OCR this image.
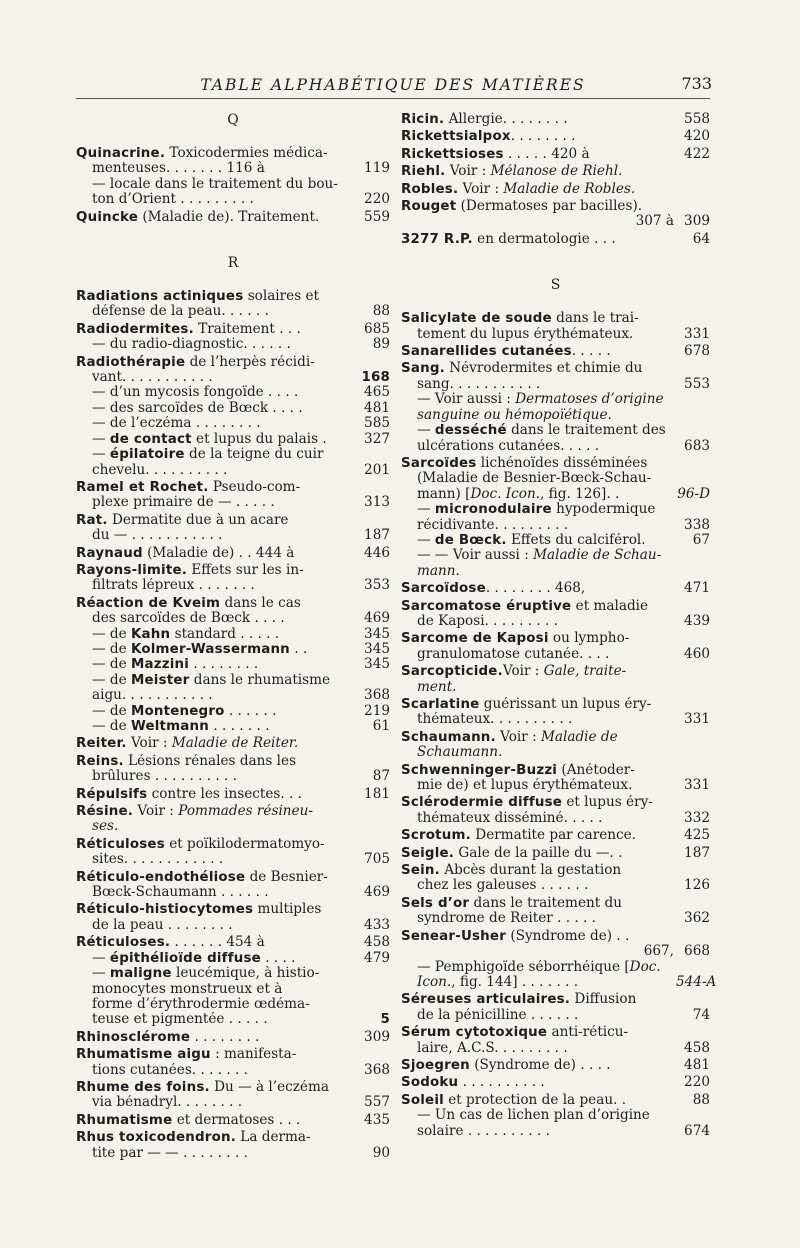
TABLE ALPHABÉTIQUE DES MATIÈRES	733
Q
Quinacrine. Toxicodermies médica-
menteuses. . . . . . . 116 à	119
— locale dans le traitement du bou-
ton d’Orient . . . . . . . . .	220
Quincke (Maladie de). Traitement.	559
R
Radiations actiniques solaires et
défense de la peau. . . . . .	88
Radiodermites. Traitement . . .	685
— du radio-diagnostic. . . . . .	89
Radiothérapie de l’herpès récidi-
vant. . . . . . . . . . .	168
— d’un mycosis fongoïde . . . .	465
— des sarcoïdes de Bœck . . . .	481
— de l’eczéma . . . . . . . .	585
— de contact et lupus du palais .	327
— épilatoire de la teigne du cuir
chevelu. . . . . . . . . .	201
Ramel et Rochet. Pseudo-com-
plexe primaire de — . . . . .	313
Rat. Dermatite due à un acare
du — . . . . . . . . . . .	187
Raynaud (Maladie de) . . 444 à	446
Rayons-limite. Effets sur les in-
filtrats lépreux . . . . . . .	353
Réaction de Kveim dans le cas
des sarcoïdes de Bœck . . . .	469
— de Kahn standard . . . . .	345
— de Kolmer-Wassermann . .	345
— de Mazzini . . . . . . . .	345
— de Meister dans le rhumatisme
aigu. . . . . . . . . . .	368
— de Montenegro . . . . . .	219
— de Weltmann . . . . . . .	61
Reiter. Voir : Maladie de Reiter.
Reins. Lésions rénales dans les
brûlures . . . . . . . . . .	87
Répulsifs contre les insectes. . .	181
Résine. Voir : Pommades résineu-
ses.
Réticuloses et poïkilodermatomyo-
sites. . . . . . . . . . . .	705
Réticulo-endothéliose de Besnier-
Bœck-Schaumann . . . . . .	469
Réticulo-histiocytomes multiples
de la peau . . . . . . . .	433
Réticuloses. . . . . . . 454 à	458
— épithélioïde diffuse . . . .	479
— maligne leucémique, à histio-
monocytes monstrueux et à
forme d’érythrodermie œdéma-
teuse et pigmentée . . . . .	5
Rhinosclérome . . . . . . . .	309
Rhumatisme aigu : manifesta-
tions cutanées. . . . . . .	368
Rhume des foins. Du — à l’eczéma
via bénadryl. . . . . . . .	557
Rhumatisme et dermatoses . . .	435
Rhus toxicodendron. La derma-
tite par — — . . . . . . . .	90
Ricin. Allergie. . . . . . . .	558
Rickettsialpox. . . . . . . .	420
Rickettsioses . . . . . 420 à	422
Riehl. Voir : Mélanose de Riehl.
Robles. Voir : Maladie de Robles.
Rouget (Dermatoses par bacilles).
307 à 309
3277 R.P. en dermatologie . . .	64
S
Salicylate de soude dans le trai-
tement du lupus érythémateux.	331
Sanarellides cutanées. . . . .	678
Sang. Névrodermites et chimie du
sang. . . . . . . . . . .	553
— Voir aussi : Dermatoses d’origine
sanguine ou hémopoïétique.
— desséché dans le traitement des
ulcérations cutanées. . . . .	683
Sarcoïdes lichénoïdes disséminées
(Maladie de Besnier-Bœck-Schau-
mann) [Doc. Icon., fig. 126]. .	96-D
— micronodulaire hypodermique
récidivante. . . . . . . . .	338
— de Bœck. Effets du calciférol.	67
— — Voir aussi : Maladie de Schau-
mann.
Sarcoïdose. . . . . . . . 468,	471
Sarcomatose éruptive et maladie
de Kaposi. . . . . . . . .	439
Sarcome de Kaposi ou lympho-
granulomatose cutanée. . . .	460
Sarcopticide.Voir : Gale, traite-
ment.
Scarlatine guérissant un lupus éry-
thémateux. . . . . . . . . .	331
Schaumann. Voir : Maladie de
Schaumann.
Schwenninger-Buzzi (Anétoder-
mie de) et lupus érythémateux.	331
Sclérodermie diffuse et lupus éry-
thémateux disséminé. . . . .	332
Scrotum. Dermatite par carence.	425
Seigle. Gale de la paille du —. .	187
Sein. Abcès durant la gestation
chez les galeuses . . . . . .	126
Sels d’or dans le traitement du
syndrome de Reiter . . . . .	362
Senear-Usher (Syndrome de) . .
667, 668
— Pemphigoïde séborrhéique [Doc.
Icon., fig. 144] . . . . . . .	544-A
Séreuses articulaires. Diffusion
de la pénicilline . . . . . .	74
Sérum cytotoxique anti-réticu-
laire, A.C.S. . . . . . . . .	458
Sjoegren (Syndrome de) . . . .	481
Sodoku . . . . . . . . . .	220
Soleil et protection de la peau. .	88
— Un cas de lichen plan d’origine
solaire . . . . . . . . . .	674
